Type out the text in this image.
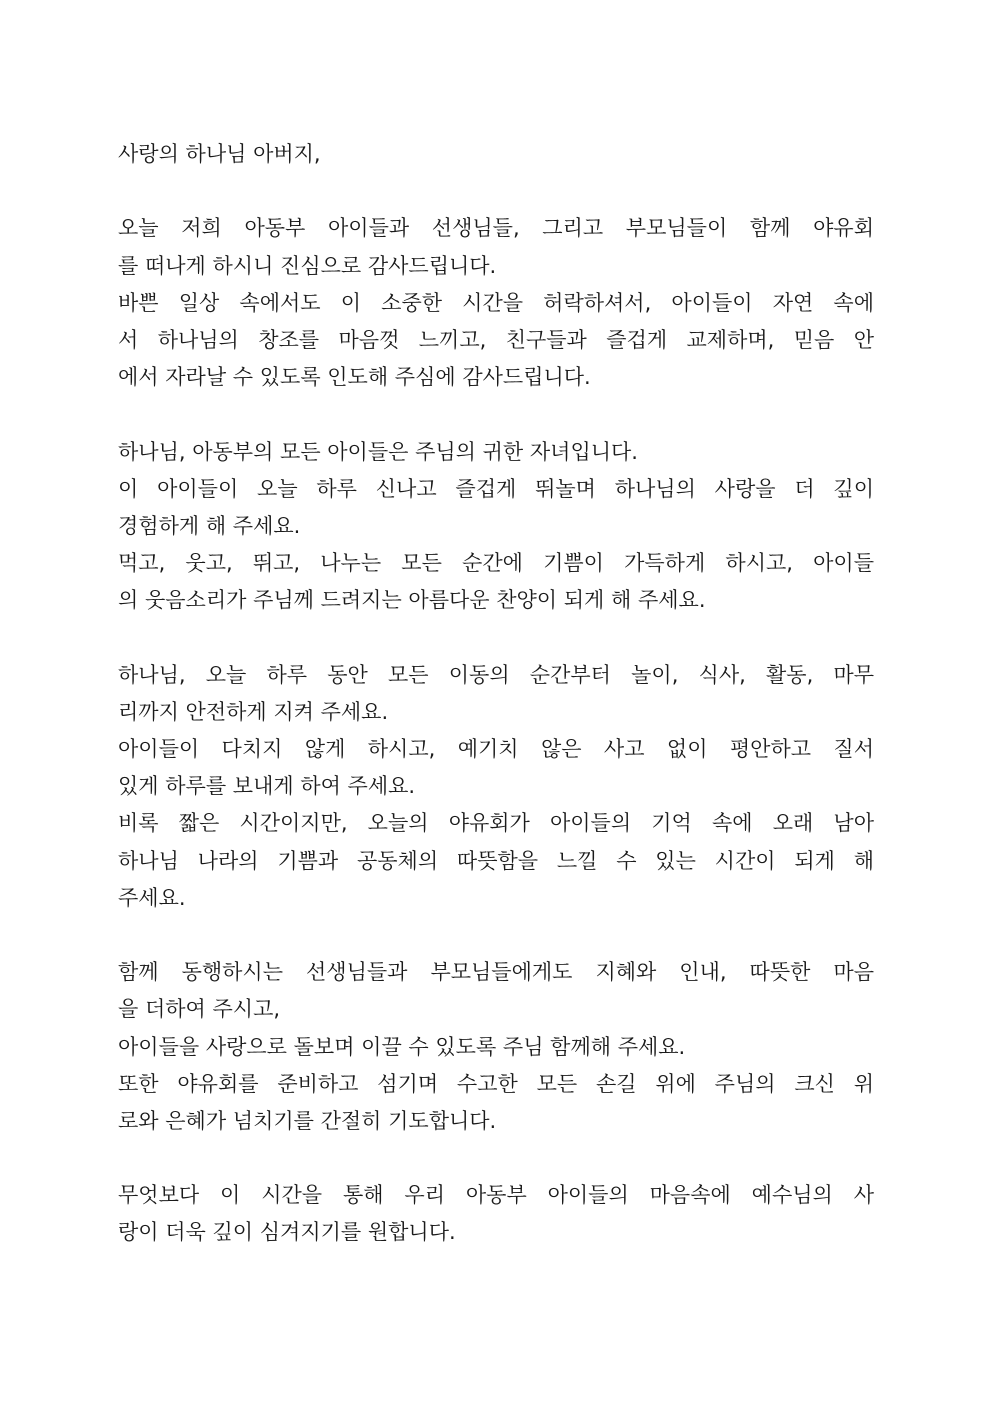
사랑의 하나님 아버지,
오늘 저희 아동부 아이들과 선생님들, 그리고 부모님들이 함께 야유회
를 떠나게 하시니 진심으로 감사드립니다.
바쁜 일상 속에서도 이 소중한 시간을 허락하셔서, 아이들이 자연 속에
서 하나님의 창조를 마음껏 느끼고, 친구들과 즐겁게 교제하며, 믿음 안
에서 자라날 수 있도록 인도해 주심에 감사드립니다.
하나님, 아동부의 모든 아이들은 주님의 귀한 자녀입니다.
이 아이들이 오늘 하루 신나고 즐겁게 뛰놀며 하나님의 사랑을 더 깊이
경험하게 해 주세요.
먹고, 웃고, 뛰고, 나누는 모든 순간에 기쁨이 가득하게 하시고, 아이들
의 웃음소리가 주님께 드려지는 아름다운 찬양이 되게 해 주세요.
하나님, 오늘 하루 동안 모든 이동의 순간부터 놀이, 식사, 활동, 마무
리까지 안전하게 지켜 주세요.
아이들이 다치지 않게 하시고, 예기치 않은 사고 없이 평안하고 질서
있게 하루를 보내게 하여 주세요.
비록 짧은 시간이지만, 오늘의 야유회가 아이들의 기억 속에 오래 남아
하나님 나라의 기쁨과 공동체의 따뜻함을 느낄 수 있는 시간이 되게 해
주세요.
함께 동행하시는 선생님들과 부모님들에게도 지혜와 인내, 따뜻한 마음
을 더하여 주시고,
아이들을 사랑으로 돌보며 이끌 수 있도록 주님 함께해 주세요.
또한 야유회를 준비하고 섬기며 수고한 모든 손길 위에 주님의 크신 위
로와 은혜가 넘치기를 간절히 기도합니다.
무엇보다 이 시간을 통해 우리 아동부 아이들의 마음속에 예수님의 사
랑이 더욱 깊이 심겨지기를 원합니다.
